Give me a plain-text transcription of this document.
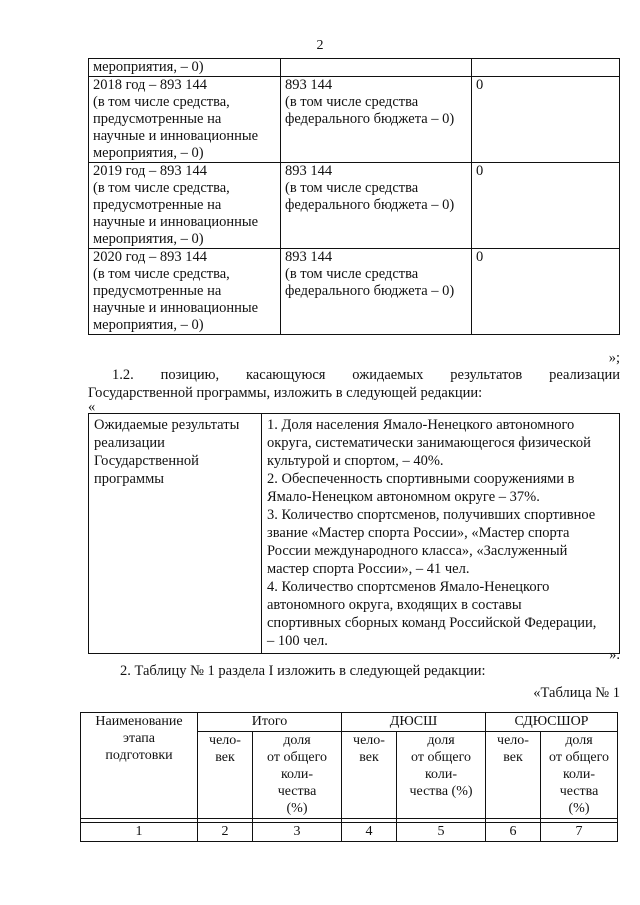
2
мероприятия, – 0)		
2018 год – 893 144
(в том числе средства,
предусмотренные на
научные и инновационные
мероприятия, – 0)	893 144
(в том числе средства
федерального бюджета – 0)	0
2019 год – 893 144
(в том числе средства,
предусмотренные на
научные и инновационные
мероприятия, – 0)	893 144
(в том числе средства
федерального бюджета – 0)	0
2020 год – 893 144
(в том числе средства,
предусмотренные на
научные и инновационные
мероприятия, – 0)	893 144
(в том числе средства
федерального бюджета – 0)	0
»;
1.2. позицию, касающуюся ожидаемых результатов реализации
Государственной программы, изложить в следующей редакции:
«
Ожидаемые результаты
реализации
Государственной
программы	1. Доля населения Ямало-Ненецкого автономного
округа, систематически занимающегося физической
культурой и спортом, – 40%.
2. Обеспеченность спортивными сооружениями в
Ямало-Ненецком автономном округе – 37%.
3. Количество спортсменов, получивших спортивное
звание «Мастер спорта России», «Мастер спорта
России международного класса», «Заслуженный
мастер спорта России», – 41 чел.
4. Количество спортсменов Ямало-Ненецкого
автономного округа, входящих в составы
спортивных сборных команд Российской Федерации,
– 100 чел.
».
2. Таблицу № 1 раздела I изложить в следующей редакции:
«Таблица № 1
Наименование
этапа
подготовки	Итого		ДЮСШ		СДЮСШОР	
	чело-
век	доля
от общего
коли-
чества
(%)	чело-
век	доля
от общего
коли-
чества (%)	чело-
век	доля
от общего
коли-
чества
(%)

1	2	3	4	5	6	7
